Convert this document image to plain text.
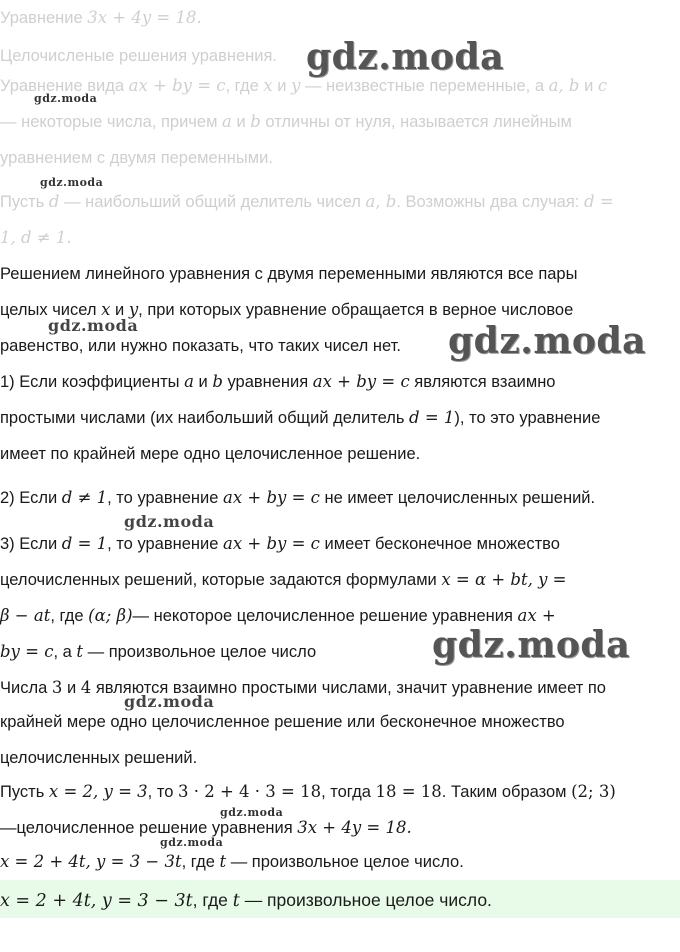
Уравнение 3x + 4y = 18.
Целочисленые решения уравнения.
Уравнение вида ax + by = c, где x и y — неизвестные переменные, а a, b и c
— некоторые числа, причем a и b отличны от нуля, называется линейным
уравнением с двумя переменными.
Пусть d — наибольший общий делитель чисел a, b. Возможны два случая: d =
1, d ≠ 1.
Решением линейного уравнения с двумя переменными являются все пары
целых чисел x и y, при которых уравнение обращается в верное числовое
равенство, или нужно показать, что таких чисел нет.
1) Если коэффициенты a и b уравнения ax + by = c являются взаимно
простыми числами (их наибольший общий делитель d = 1), то это уравнение
имеет по крайней мере одно целочисленное решение.
2) Если d ≠ 1, то уравнение ax + by = c не имеет целочисленных решений.
3) Если d = 1, то уравнение ax + by = c имеет бесконечное множество
целочисленных решений, которые задаются формулами x = α + bt, y =
β − at, где (α; β)— некоторое целочисленное решение уравнения ax +
by = c, а t — произвольное целое число
Числа 3 и 4 являются взаимно простыми числами, значит уравнение имеет по
крайней мере одно целочисленное решение или бесконечное множество
целочисленных решений.
Пусть x = 2, y = 3, то 3 · 2 + 4 · 3 = 18, тогда 18 = 18. Таким образом (2; 3)
—целочисленное решение уравнения 3x + 4y = 18.
x = 2 + 4t, y = 3 − 3t, где t — произвольное целое число.
x = 2 + 4t, y = 3 − 3t, где t — произвольное целое число.
gdz.moda
gdz.moda
gdz.moda
gdz.moda	gdz.moda
gdz.moda
gdz.moda
gdz.moda
gdz.moda
gdz.moda
